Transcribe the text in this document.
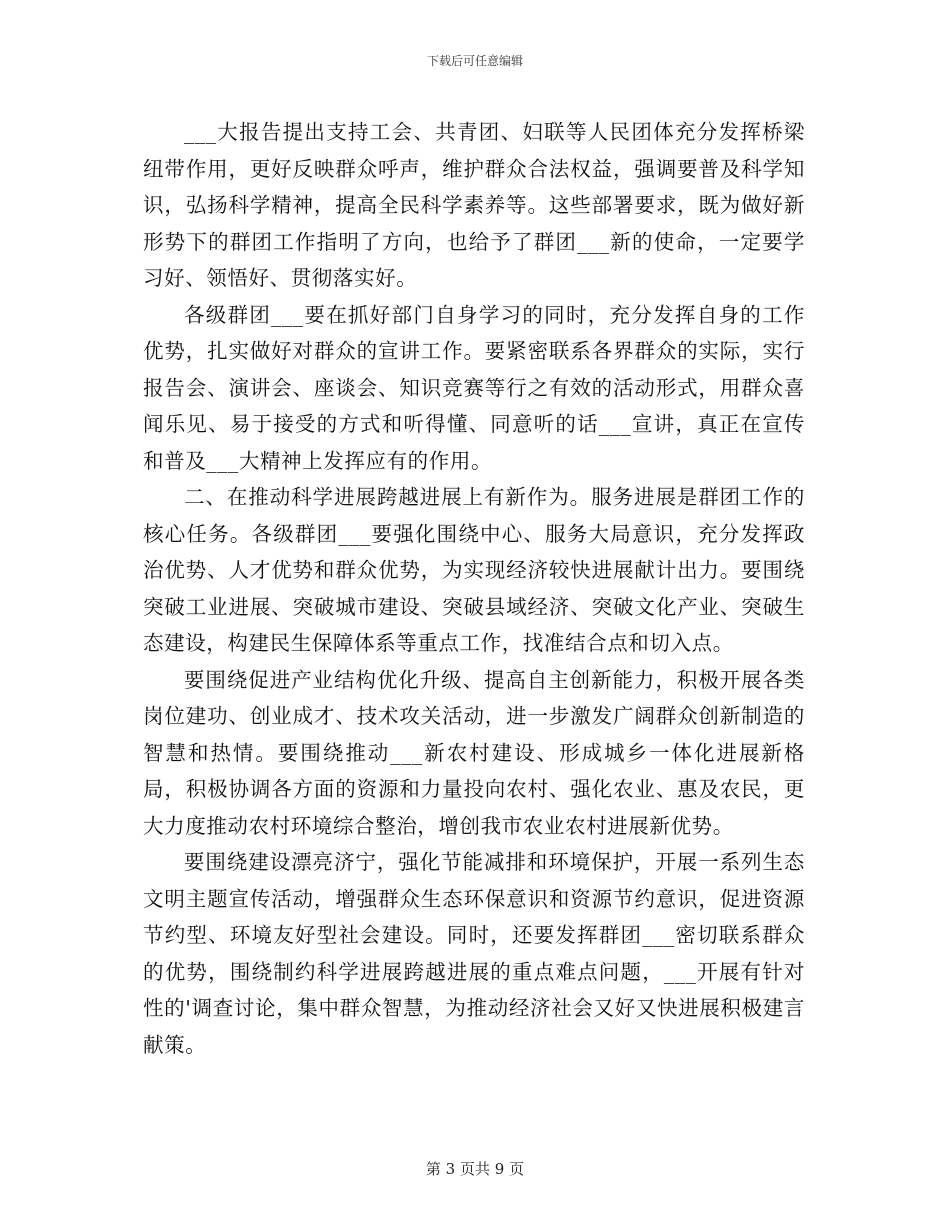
下载后可任意编辑

___大报告提出支持工会、共青团、妇联等人民团体充分发挥桥梁纽带作用，更好反映群众呼声，维护群众合法权益，强调要普及科学知识，弘扬科学精神，提高全民科学素养等。这些部署要求，既为做好新形势下的群团工作指明了方向，也给予了群团___新的使命，一定要学习好、领悟好、贯彻落实好。

各级群团___要在抓好部门自身学习的同时，充分发挥自身的工作优势，扎实做好对群众的宣讲工作。要紧密联系各界群众的实际，实行报告会、演讲会、座谈会、知识竞赛等行之有效的活动形式，用群众喜闻乐见、易于接受的方式和听得懂、同意听的话___宣讲，真正在宣传和普及___大精神上发挥应有的作用。

二、在推动科学进展跨越进展上有新作为。服务进展是群团工作的核心任务。各级群团___要强化围绕中心、服务大局意识，充分发挥政治优势、人才优势和群众优势，为实现经济较快进展献计出力。要围绕突破工业进展、突破城市建设、突破县域经济、突破文化产业、突破生态建设，构建民生保障体系等重点工作，找准结合点和切入点。

要围绕促进产业结构优化升级、提高自主创新能力，积极开展各类岗位建功、创业成才、技术攻关活动，进一步激发广阔群众创新制造的智慧和热情。要围绕推动___新农村建设、形成城乡一体化进展新格局，积极协调各方面的资源和力量投向农村、强化农业、惠及农民，更大力度推动农村环境综合整治，增创我市农业农村进展新优势。

要围绕建设漂亮济宁，强化节能减排和环境保护，开展一系列生态文明主题宣传活动，增强群众生态环保意识和资源节约意识，促进资源节约型、环境友好型社会建设。同时，还要发挥群团___密切联系群众的优势，围绕制约科学进展跨越进展的重点难点问题，___开展有针对性的'调查讨论，集中群众智慧，为推动经济社会又好又快进展积极建言献策。

第 3 页共 9 页
